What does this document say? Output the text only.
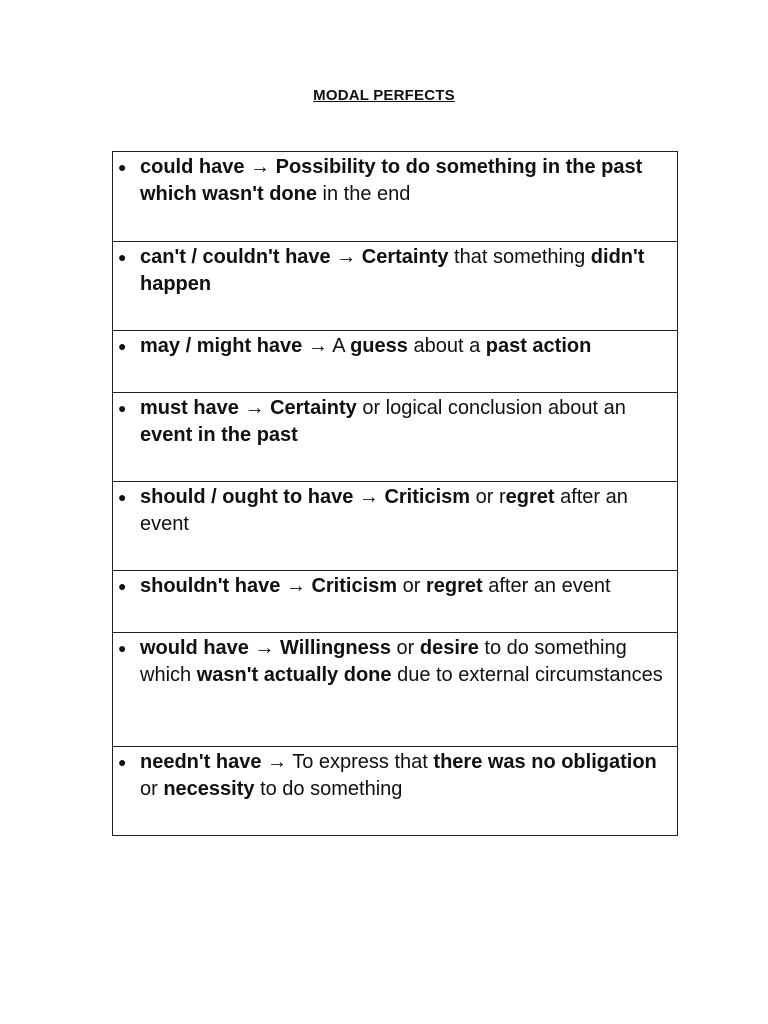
MODAL PERFECTS
● could have → Possibility to do something in the past which wasn't done in the end

● can't / couldn't have → Certainty that something didn't happen

● may / might have → A guess about a past action

● must have → Certainty or logical conclusion about an event in the past

● should / ought to have → Criticism or regret after an event

● shouldn't have → Criticism or regret after an event

● would have → Willingness or desire to do something which wasn't actually done due to external circumstances

● needn't have → To express that there was no obligation or necessity to do something
